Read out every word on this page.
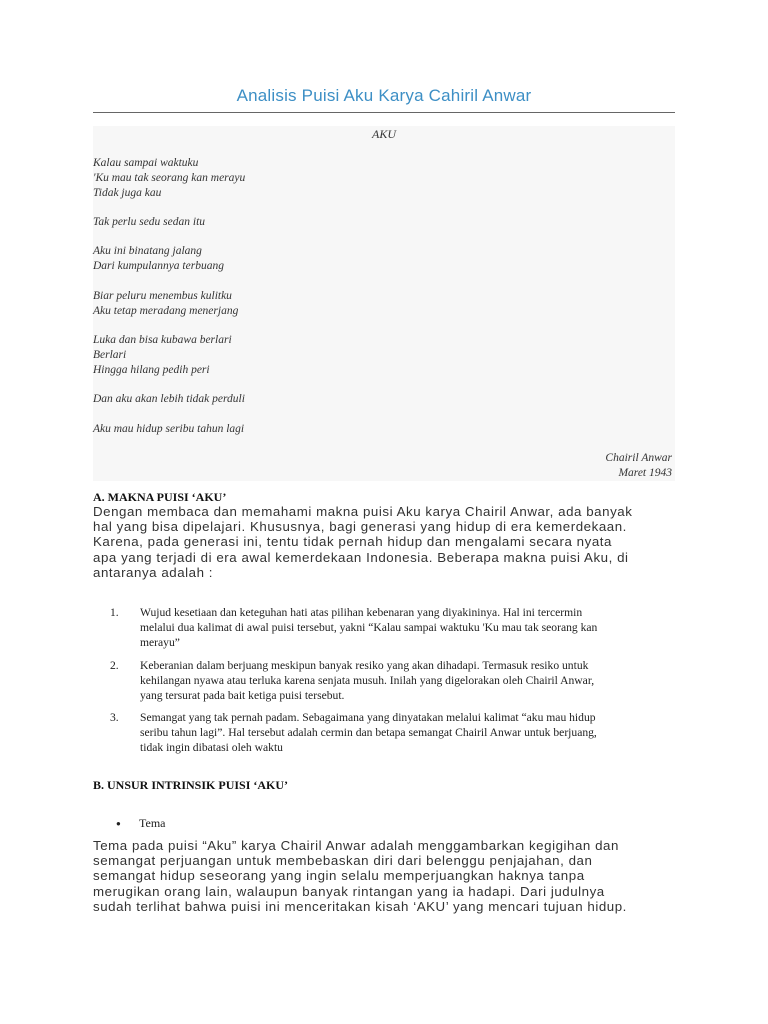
Analisis Puisi Aku Karya Cahiril Anwar
AKU
Kalau sampai waktuku
'Ku mau tak seorang kan merayu
Tidak juga kau
Tak perlu sedu sedan itu
Aku ini binatang jalang
Dari kumpulannya terbuang
Biar peluru menembus kulitku
Aku tetap meradang menerjang
Luka dan bisa kubawa berlari
Berlari
Hingga hilang pedih peri
Dan aku akan lebih tidak perduli
Aku mau hidup seribu tahun lagi
Chairil Anwar
Maret 1943
A. MAKNA PUISI ‘AKU’
Dengan membaca dan memahami makna puisi Aku karya Chairil Anwar, ada banyak
hal yang bisa dipelajari. Khususnya, bagi generasi yang hidup di era kemerdekaan.
Karena, pada generasi ini, tentu tidak pernah hidup dan mengalami secara nyata
apa yang terjadi di era awal kemerdekaan Indonesia. Beberapa makna puisi Aku, di
antaranya adalah :
1. Wujud kesetiaan dan keteguhan hati atas pilihan kebenaran yang diyakininya. Hal ini tercermin
melalui dua kalimat di awal puisi tersebut, yakni “Kalau sampai waktuku 'Ku mau tak seorang kan
merayu”
2. Keberanian dalam berjuang meskipun banyak resiko yang akan dihadapi. Termasuk resiko untuk
kehilangan nyawa atau terluka karena senjata musuh. Inilah yang digelorakan oleh Chairil Anwar,
yang tersurat pada bait ketiga puisi tersebut.
3. Semangat yang tak pernah padam. Sebagaimana yang dinyatakan melalui kalimat “aku mau hidup
seribu tahun lagi”. Hal tersebut adalah cermin dan betapa semangat Chairil Anwar untuk berjuang,
tidak ingin dibatasi oleh waktu
B. UNSUR INTRINSIK PUISI ‘AKU’
● Tema
Tema pada puisi “Aku” karya Chairil Anwar adalah menggambarkan kegigihan dan
semangat perjuangan untuk membebaskan diri dari belenggu penjajahan, dan
semangat hidup seseorang yang ingin selalu memperjuangkan haknya tanpa
merugikan orang lain, walaupun banyak rintangan yang ia hadapi. Dari judulnya
sudah terlihat bahwa puisi ini menceritakan kisah ‘AKU’ yang mencari tujuan hidup.
